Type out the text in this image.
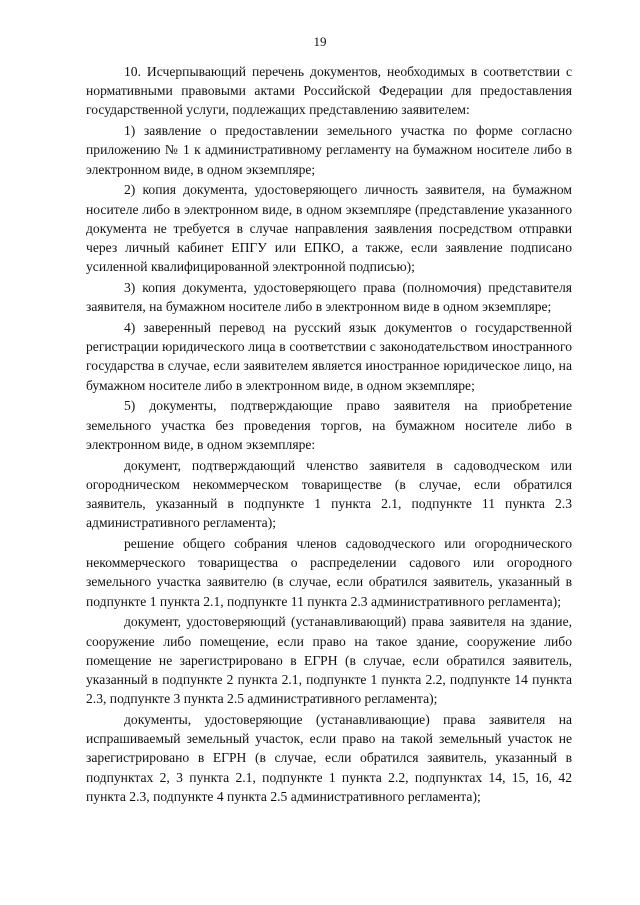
19

10. Исчерпывающий перечень документов, необходимых в соответствии с нормативными правовыми актами Российской Федерации для предоставления государственной услуги, подлежащих представлению заявителем:

1) заявление о предоставлении земельного участка по форме согласно приложению № 1 к административному регламенту на бумажном носителе либо в электронном виде, в одном экземпляре;

2) копия документа, удостоверяющего личность заявителя, на бумажном носителе либо в электронном виде, в одном экземпляре (представление указанного документа не требуется в случае направления заявления посредством отправки через личный кабинет ЕПГУ или ЕПКО, а также, если заявление подписано усиленной квалифицированной электронной подписью);

3) копия документа, удостоверяющего права (полномочия) представителя заявителя, на бумажном носителе либо в электронном виде в одном экземпляре;

4) заверенный перевод на русский язык документов о государственной регистрации юридического лица в соответствии с законодательством иностранного государства в случае, если заявителем является иностранное юридическое лицо, на бумажном носителе либо в электронном виде, в одном экземпляре;

5) документы, подтверждающие право заявителя на приобретение земельного участка без проведения торгов, на бумажном носителе либо в электронном виде, в одном экземпляре:

документ, подтверждающий членство заявителя в садоводческом или огородническом некоммерческом товариществе (в случае, если обратился заявитель, указанный в подпункте 1 пункта 2.1, подпункте 11 пункта 2.3 административного регламента);

решение общего собрания членов садоводческого или огороднического некоммерческого товарищества о распределении садового или огородного земельного участка заявителю (в случае, если обратился заявитель, указанный в подпункте 1 пункта 2.1, подпункте 11 пункта 2.3 административного регламента);

документ, удостоверяющий (устанавливающий) права заявителя на здание, сооружение либо помещение, если право на такое здание, сооружение либо помещение не зарегистрировано в ЕГРН (в случае, если обратился заявитель, указанный в подпункте 2 пункта 2.1, подпункте 1 пункта 2.2, подпункте 14 пункта 2.3, подпункте 3 пункта 2.5 административного регламента);

документы, удостоверяющие (устанавливающие) права заявителя на испрашиваемый земельный участок, если право на такой земельный участок не зарегистрировано в ЕГРН (в случае, если обратился заявитель, указанный в подпунктах 2, 3 пункта 2.1, подпункте 1 пункта 2.2, подпунктах 14, 15, 16, 42 пункта 2.3, подпункте 4 пункта 2.5 административного регламента);
